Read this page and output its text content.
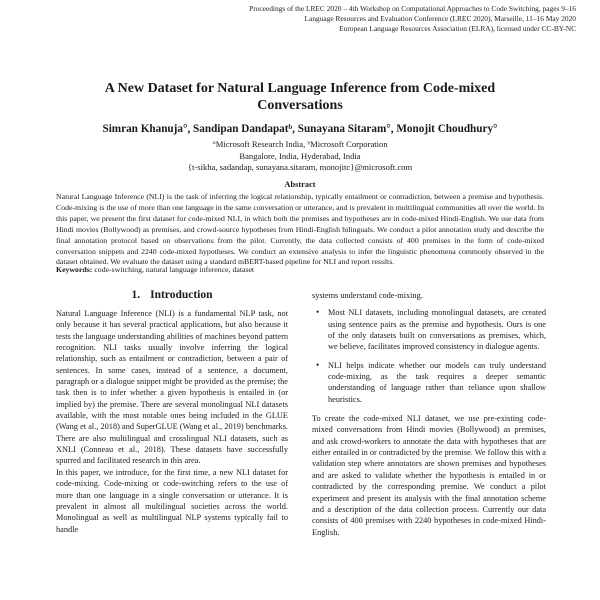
Proceedings of the LREC 2020 – 4th Workshop on Computational Approaches to Code Switching, pages 9–16
Language Resources and Evaluation Conference (LREC 2020), Marseille, 11–16 May 2020
European Language Resources Association (ELRA), licensed under CC-BY-NC
A New Dataset for Natural Language Inference from Code-mixed
Conversations
Simran Khanuja°, Sandipan Dandapatᵇ, Sunayana Sitaram°, Monojit Choudhury°
°Microsoft Research India, ᵇMicrosoft Corporation
Bangalore, India, Hyderabad, India
{t-sikha, sadandap, sunayana.sitaram, monojitc}@microsoft.com
Abstract
Natural Language Inference (NLI) is the task of inferring the logical relationship, typically entailment or contradiction, between a premise and hypothesis. Code-mixing is the use of more than one language in the same conversation or utterance, and is prevalent in multilingual communities all over the world. In this paper, we present the first dataset for code-mixed NLI, in which both the premises and hypotheses are in code-mixed Hindi-English. We use data from Hindi movies (Bollywood) as premises, and crowd-source hypotheses from Hindi-English bilinguals. We conduct a pilot annotation study and describe the final annotation protocol based on observations from the pilot. Currently, the data collected consists of 400 premises in the form of code-mixed conversation snippets and 2240 code-mixed hypotheses. We conduct an extensive analysis to infer the linguistic phenomena commonly observed in the dataset obtained. We evaluate the dataset using a standard mBERT-based pipeline for NLI and report results.
Keywords: code-switching, natural language inference, dataset
1. Introduction

Natural Language Inference (NLI) is a fundamental NLP task, not only because it has several practical applications, but also because it tests the language understanding abilities of machines beyond pattern recognition. NLI tasks usually involve inferring the logical relationship, such as entailment or contradiction, between a pair of sentences. In some cases, instead of a sentence, a document, paragraph or a dialogue snippet might be provided as the premise; the task then is to infer whether a given hypothesis is entailed in (or implied by) the premise. There are several monolingual NLI datasets available, with the most notable ones being included in the GLUE (Wang et al., 2018) and SuperGLUE (Wang et al., 2019) benchmarks. There are also multilingual and crosslingual NLI datasets, such as XNLI (Conneau et al., 2018). These datasets have successfully spurred and facilitated research in this area.

In this paper, we introduce, for the first time, a new NLI dataset for code-mixing. Code-mixing or code-switching refers to the use of more than one language in a single conversation or utterance. It is prevalent in almost all multilingual societies across the world. Monolingual as well as multilingual NLP systems typically fail to handle

systems understand code-mixing.

• Most NLI datasets, including monolingual datasets, are created using sentence pairs as the premise and hypothesis. Ours is one of the only datasets built on conversations as premises, which, we believe, facilitates improved consistency in dialogue agents.
• NLI helps indicate whether our models can truly understand code-mixing, as the task requires a deeper semantic understanding of language rather than reliance upon shallow heuristics.

To create the code-mixed NLI dataset, we use pre-existing code-mixed conversations from Hindi movies (Bollywood) as premises, and ask crowd-workers to annotate the data with hypotheses that are either entailed in or contradicted by the premise. We follow this with a validation step where annotators are shown premises and hypotheses and are asked to validate whether the hypothesis is entailed in or contradicted by the corresponding premise. We conduct a pilot experiment and present its analysis with the final annotation scheme and a description of the data collection process. Currently our data consists of 400 premises with 2240 hypotheses in code-mixed Hindi-English.
